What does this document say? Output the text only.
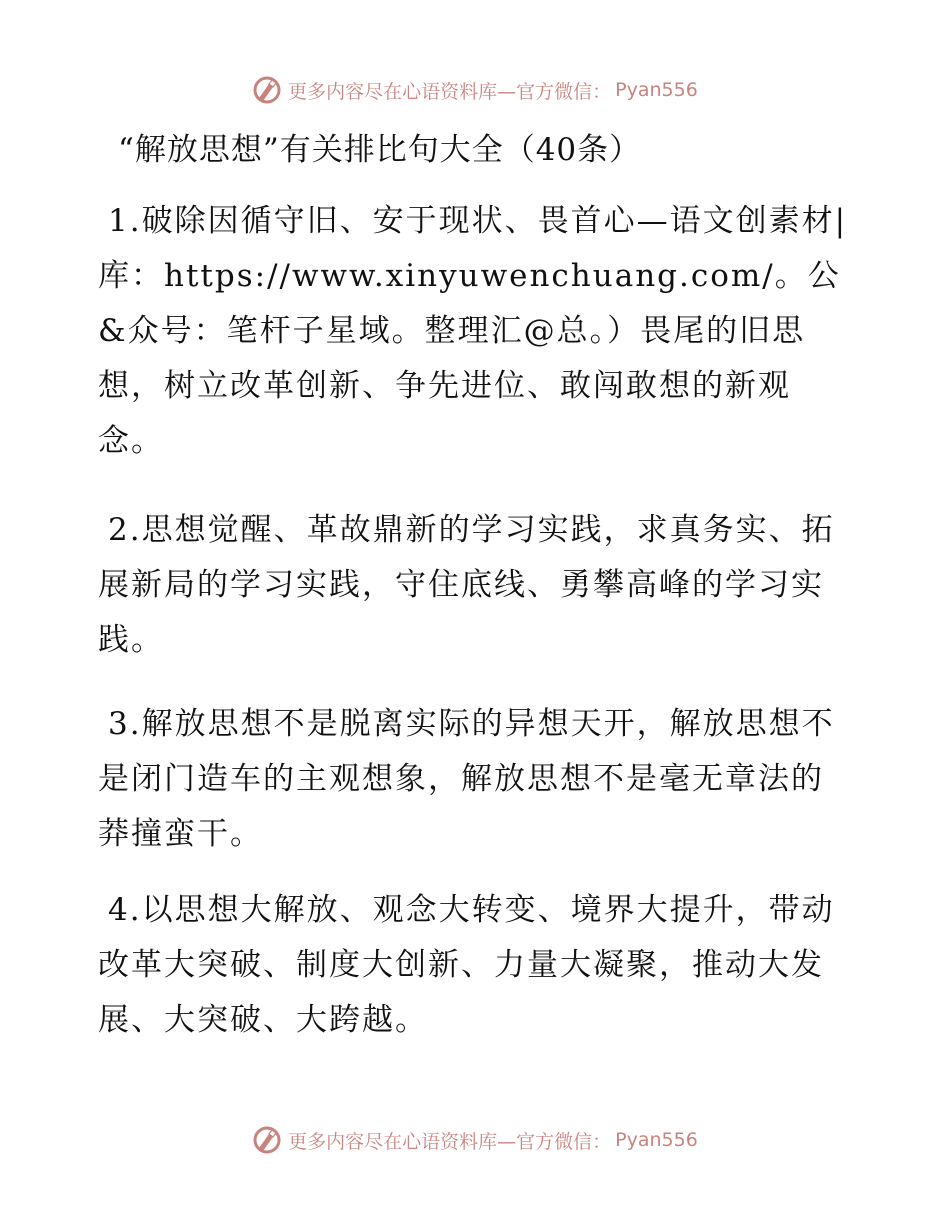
更多内容尽在心语资料库—官方微信： Pyan556
“解放思想”有关排比句大全（40条）

1.破除因循守旧、安于现状、畏首心—语文创素材|库：https://www.xinyuwenchuang.com/。公&众号：笔杆子星域。整理汇@总。）畏尾的旧思想，树立改革创新、争先进位、敢闯敢想的新观念。

2.思想觉醒、革故鼎新的学习实践，求真务实、拓展新局的学习实践，守住底线、勇攀高峰的学习实践。

3.解放思想不是脱离实际的异想天开，解放思想不是闭门造车的主观想象，解放思想不是毫无章法的莽撞蛮干。

4.以思想大解放、观念大转变、境界大提升，带动改革大突破、制度大创新、力量大凝聚，推动大发展、大突破、大跨越。

更多内容尽在心语资料库—官方微信： Pyan556
